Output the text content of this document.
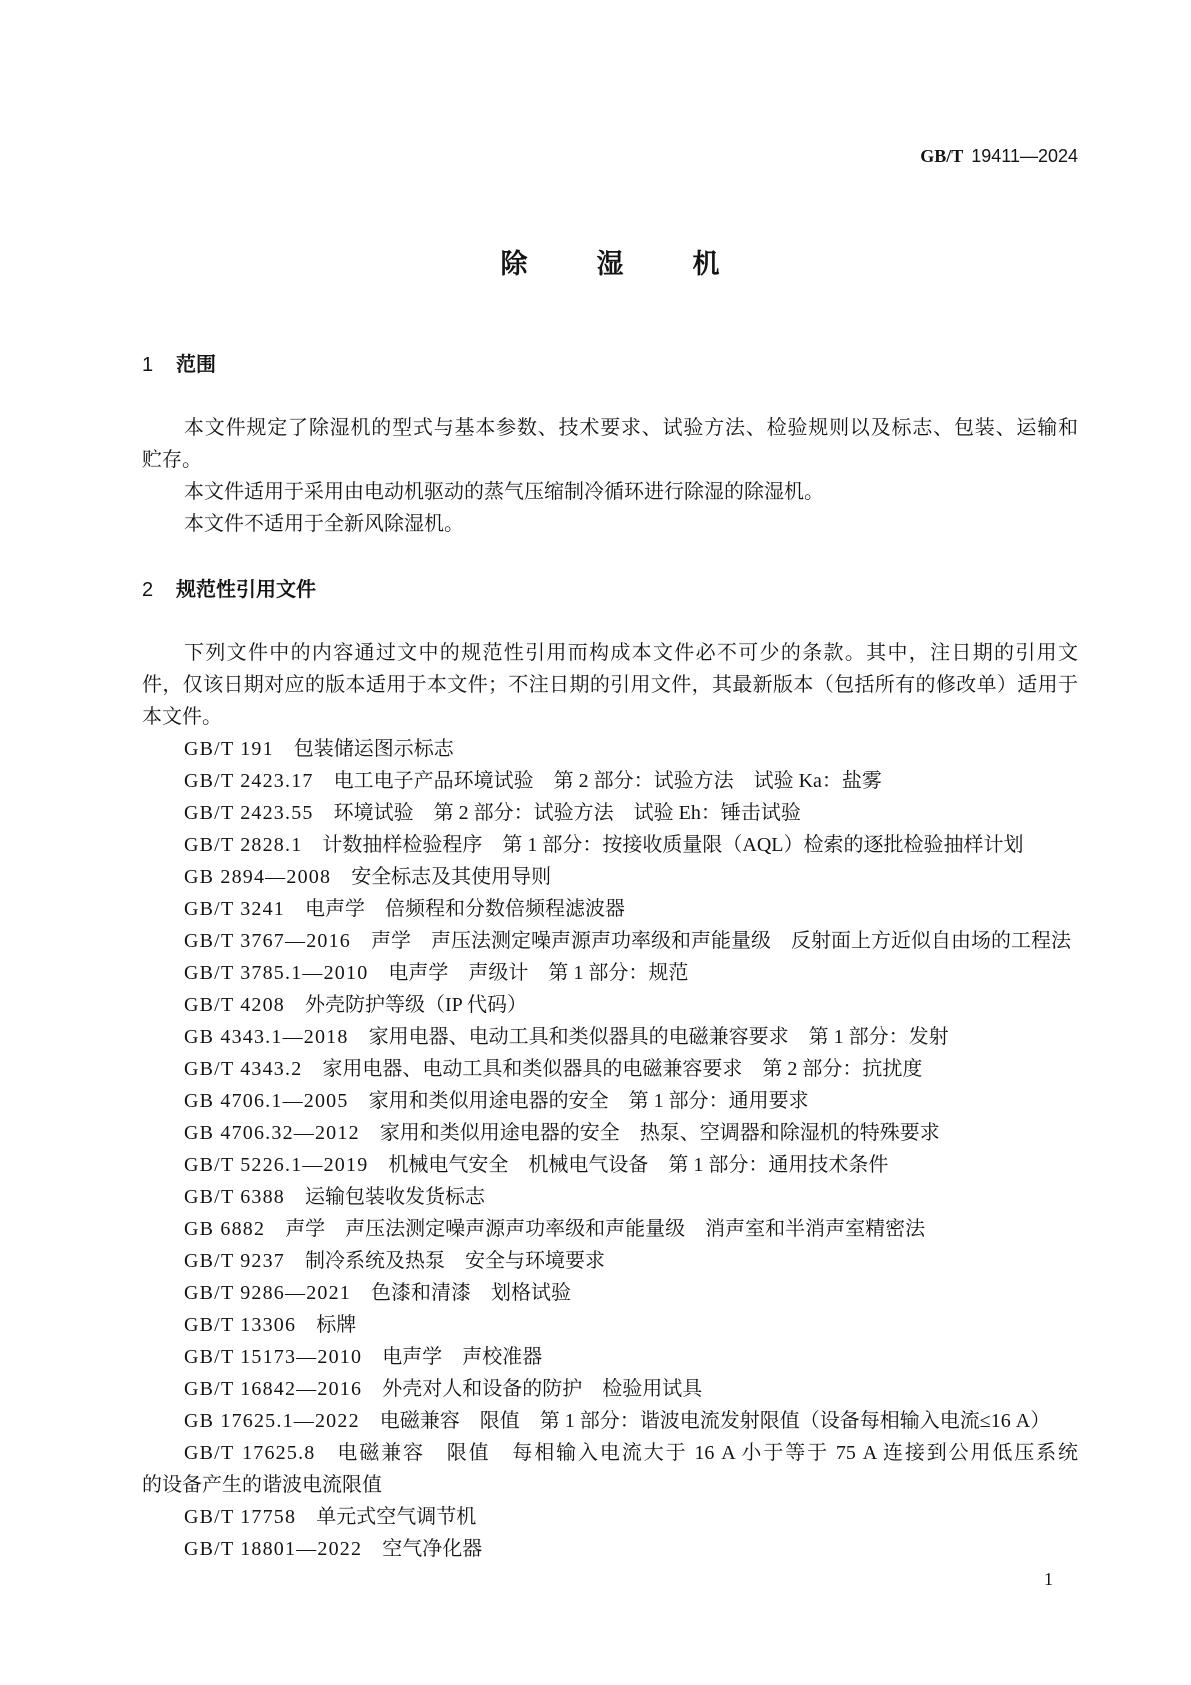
GB/T 19411—2024
除　湿　机
1 范围
本文件规定了除湿机的型式与基本参数、技术要求、试验方法、检验规则以及标志、包装、运输和
贮存。
本文件适用于采用由电动机驱动的蒸气压缩制冷循环进行除湿的除湿机。
本文件不适用于全新风除湿机。
2 规范性引用文件
下列文件中的内容通过文中的规范性引用而构成本文件必不可少的条款。其中，注日期的引用文
件，仅该日期对应的版本适用于本文件；不注日期的引用文件，其最新版本（包括所有的修改单）适用于
本文件。
GB/T 191 包装储运图示标志
GB/T 2423.17 电工电子产品环境试验　第 2 部分：试验方法　试验 Ka：盐雾
GB/T 2423.55 环境试验　第 2 部分：试验方法　试验 Eh：锤击试验
GB/T 2828.1 计数抽样检验程序　第 1 部分：按接收质量限（AQL）检索的逐批检验抽样计划
GB 2894—2008 安全标志及其使用导则
GB/T 3241 电声学　倍频程和分数倍频程滤波器
GB/T 3767—2016 声学　声压法测定噪声源声功率级和声能量级　反射面上方近似自由场的工程法
GB/T 3785.1—2010 电声学　声级计　第 1 部分：规范
GB/T 4208 外壳防护等级（IP 代码）
GB 4343.1—2018 家用电器、电动工具和类似器具的电磁兼容要求　第 1 部分：发射
GB/T 4343.2 家用电器、电动工具和类似器具的电磁兼容要求　第 2 部分：抗扰度
GB 4706.1—2005 家用和类似用途电器的安全　第 1 部分：通用要求
GB 4706.32—2012 家用和类似用途电器的安全　热泵、空调器和除湿机的特殊要求
GB/T 5226.1—2019 机械电气安全　机械电气设备　第 1 部分：通用技术条件
GB/T 6388 运输包装收发货标志
GB 6882 声学　声压法测定噪声源声功率级和声能量级　消声室和半消声室精密法
GB/T 9237 制冷系统及热泵　安全与环境要求
GB/T 9286—2021 色漆和清漆　划格试验
GB/T 13306 标牌
GB/T 15173—2010 电声学　声校准器
GB/T 16842—2016 外壳对人和设备的防护　检验用试具
GB 17625.1—2022 电磁兼容　限值　第 1 部分：谐波电流发射限值（设备每相输入电流≤16 A）
GB/T 17625.8 电磁兼容　限值　每相输入电流大于 16 A 小于等于 75 A 连接到公用低压系统
的设备产生的谐波电流限值
GB/T 17758 单元式空气调节机
GB/T 18801—2022 空气净化器
1
